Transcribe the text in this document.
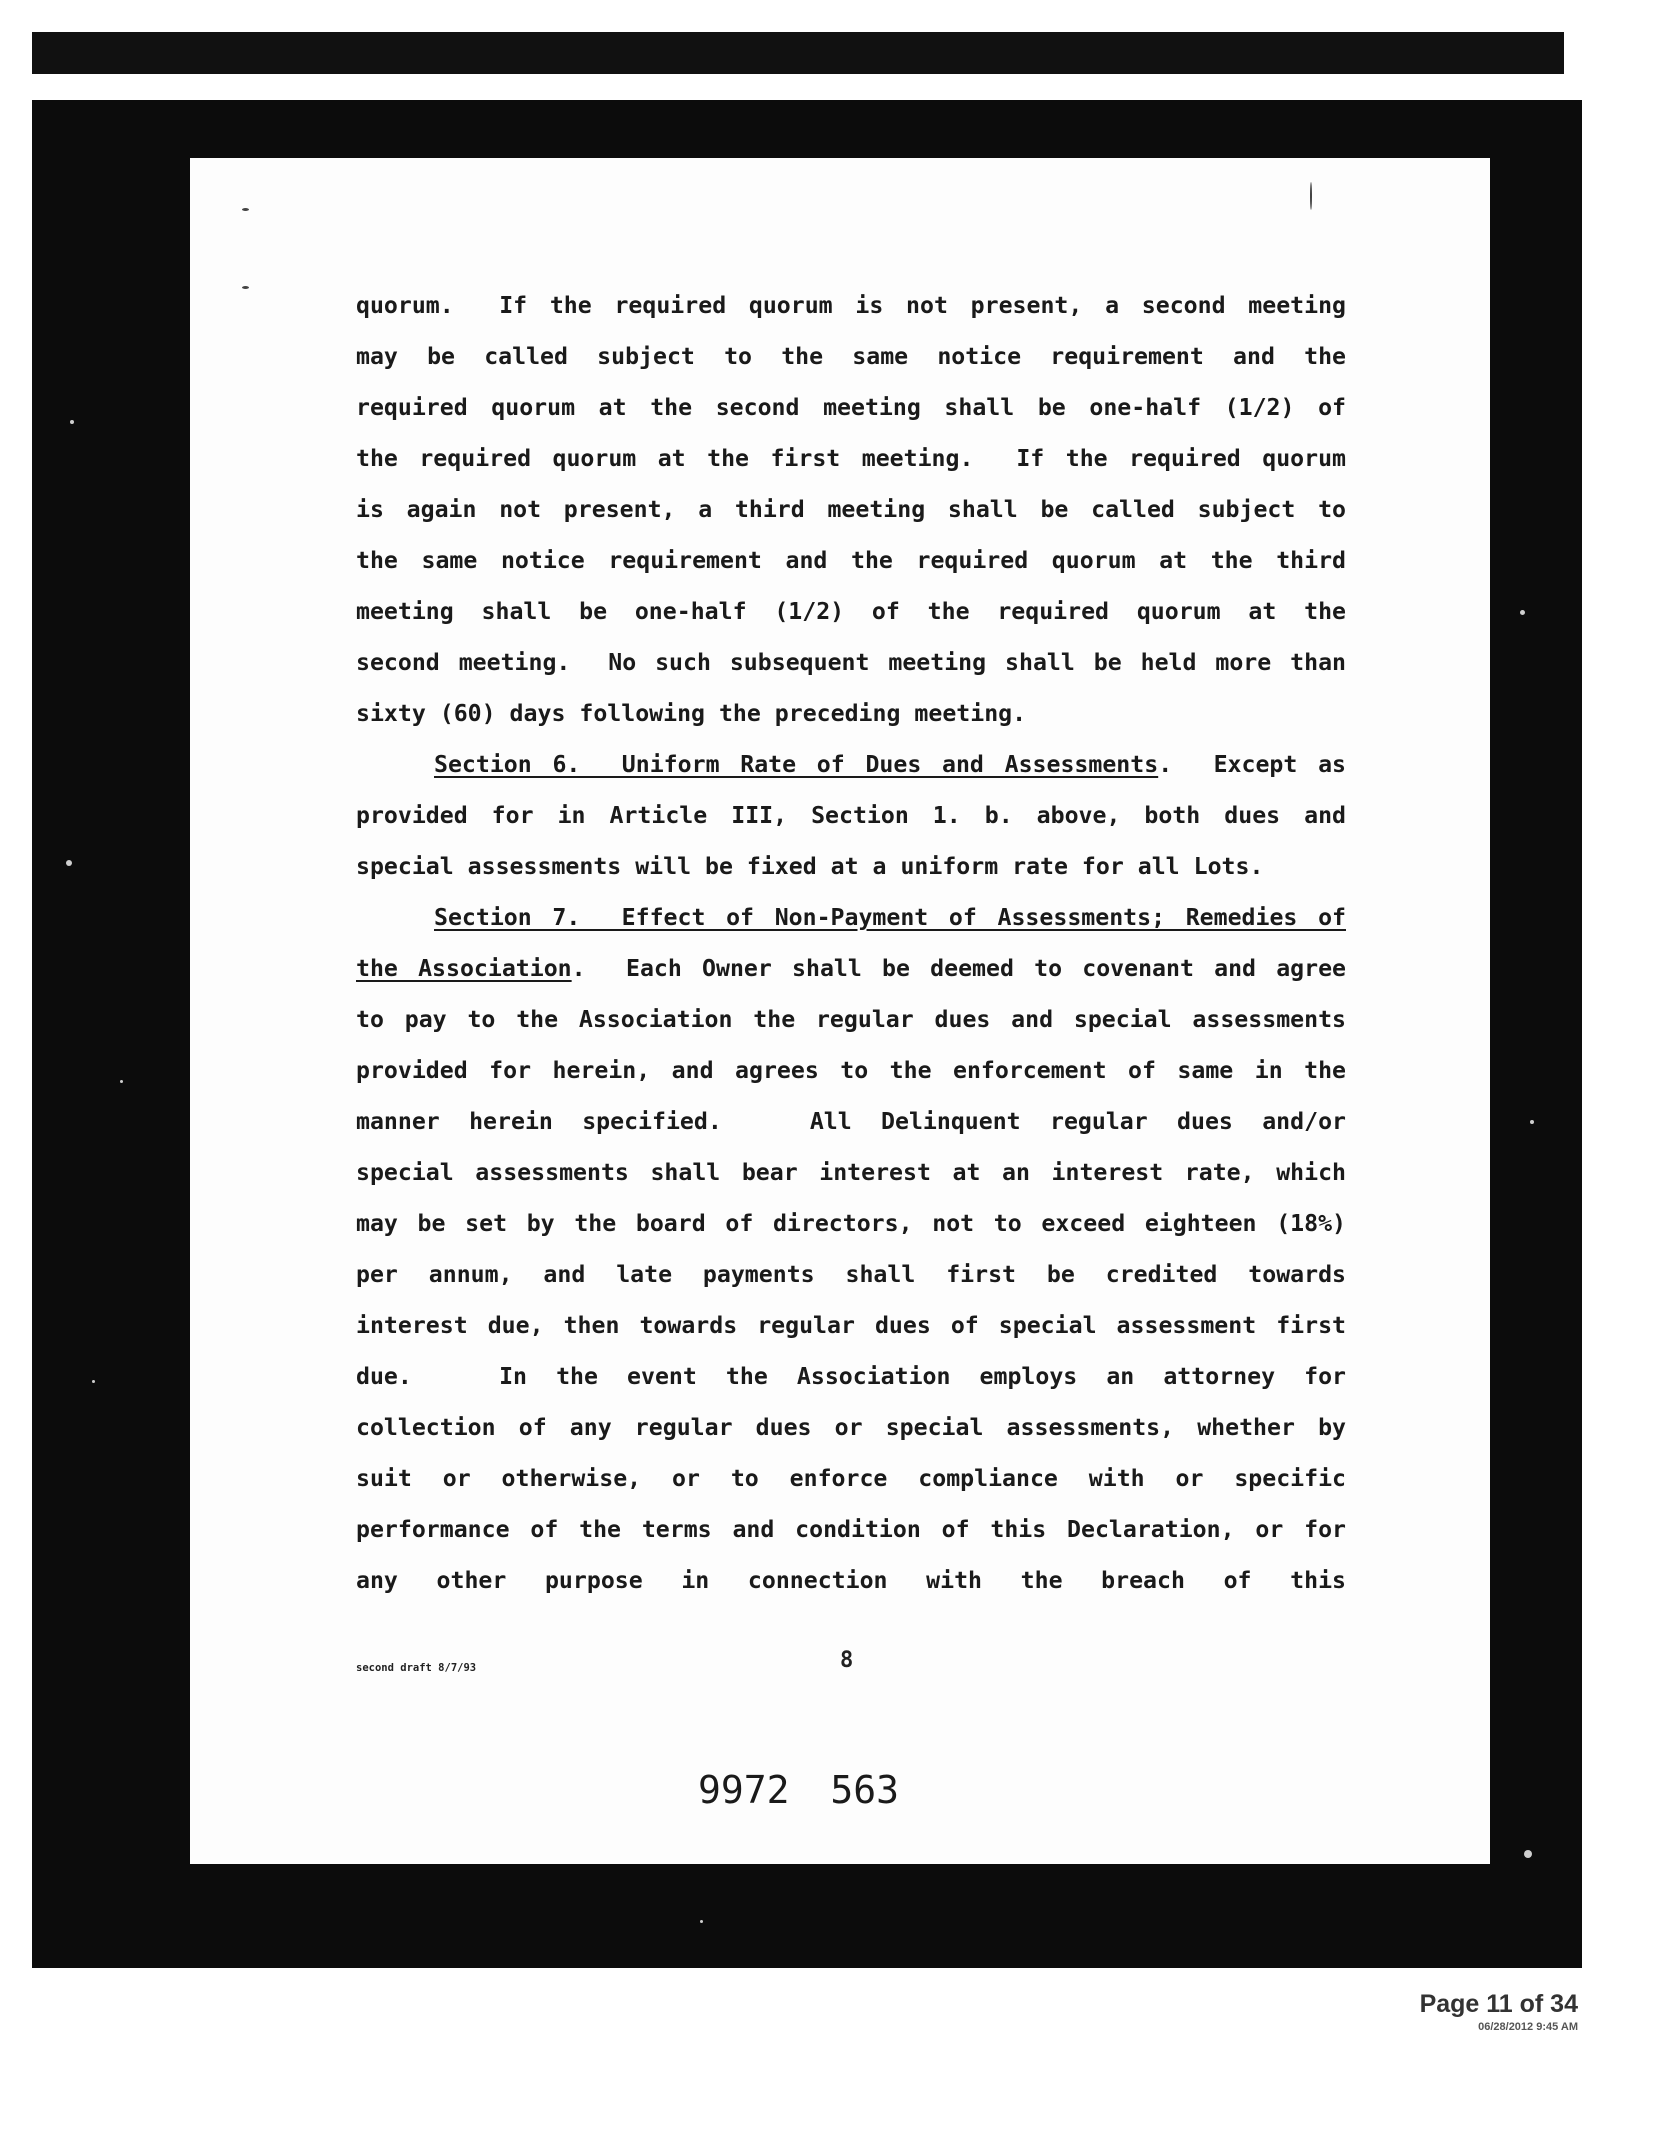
quorum.  If the required quorum is not present, a second meeting
may be called subject to the same notice requirement and the
required quorum at the second meeting shall be one-half (1/2) of
the required quorum at the first meeting.  If the required quorum
is again not present, a third meeting shall be called subject to
the same notice requirement and the required quorum at the third
meeting shall be one-half (1/2) of the required quorum at the
second meeting.  No such subsequent meeting shall be held more than
sixty (60) days following the preceding meeting.
Section 6.  Uniform Rate of Dues and Assessments.  Except as
provided for in Article III, Section 1. b. above, both dues and
special assessments will be fixed at a uniform rate for all Lots.
Section 7.  Effect of Non-Payment of Assessments; Remedies of
the Association.  Each Owner shall be deemed to covenant and agree
to pay to the Association the regular dues and special assessments
provided for herein, and agrees to the enforcement of same in the
manner herein specified.   All Delinquent regular dues and/or
special assessments shall bear interest at an interest rate, which
may be set by the board of directors, not to exceed eighteen (18%)
per annum, and late payments shall first be credited towards
interest due, then towards regular dues of special assessment first
due.   In the event the Association employs an attorney for
collection of any regular dues or special assessments, whether by
suit or otherwise, or to enforce compliance with or specific
performance of the terms and condition of this Declaration, or for
any other purpose in connection with the breach of this
second draft 8/7/93	8
9972 563
Page 11 of 34
06/28/2012 9:45 AM
